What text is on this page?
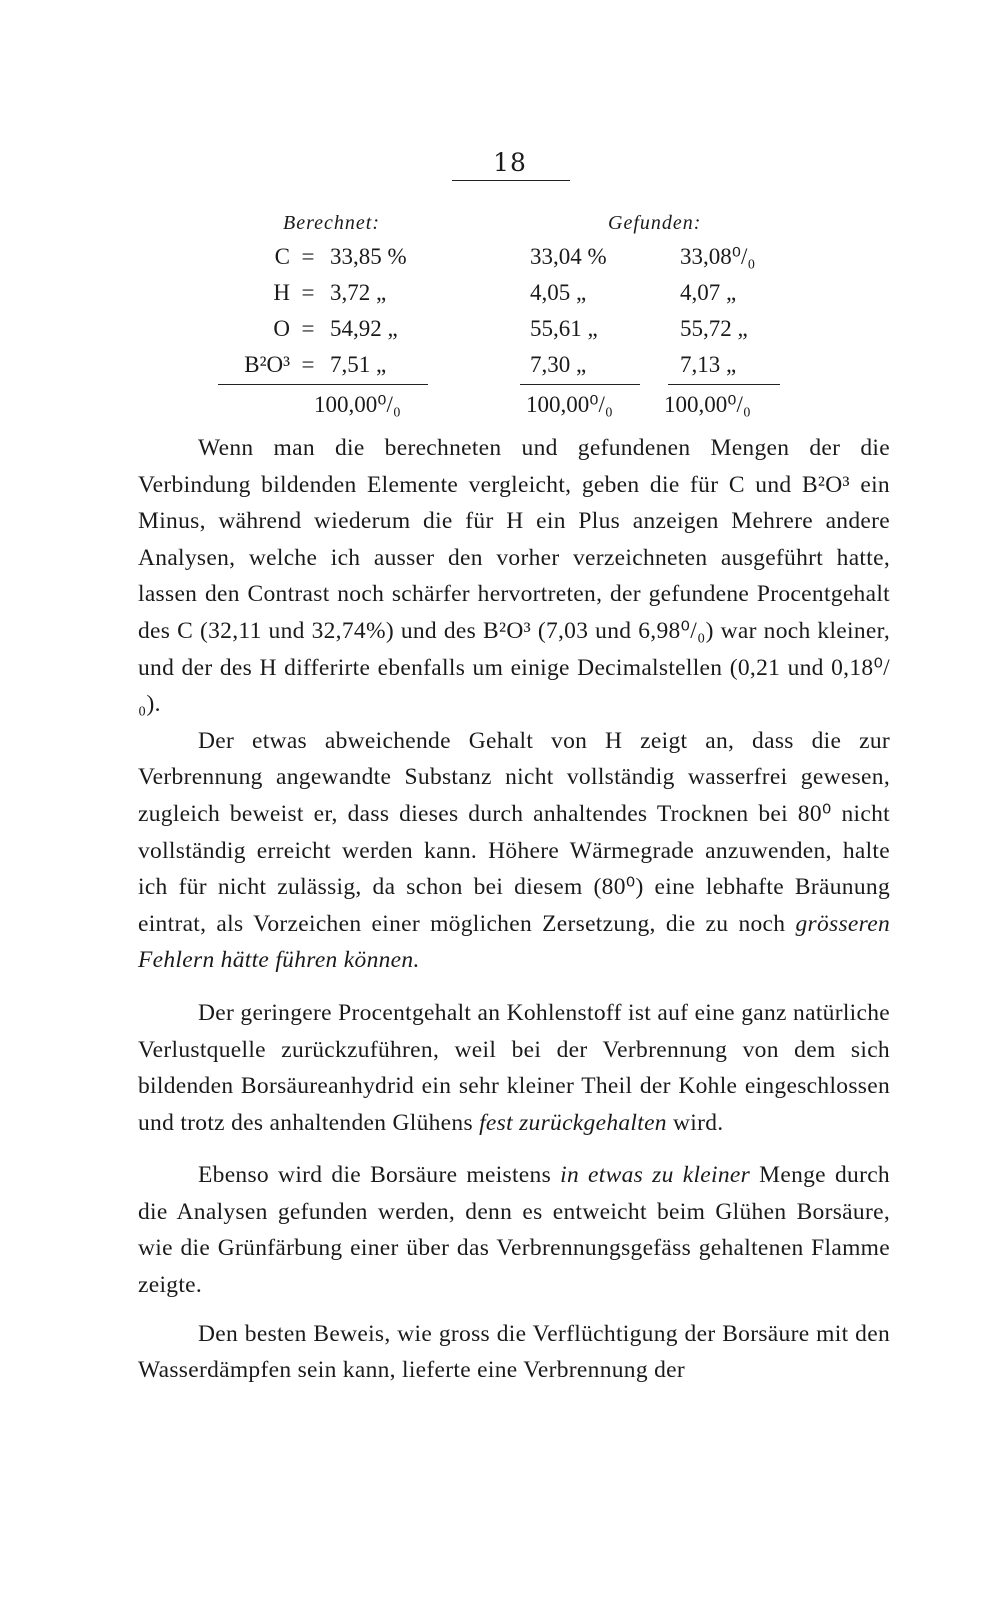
18
Berechnet:	Gefunden:
C = 33,85 %	33,04 %	33,08⁰/₀
H = 3,72 „	4,05 „	4,07 „
O = 54,92 „	55,61 „	55,72 „
B²O³ = 7,51 „	7,30 „	7,13 „
100,00⁰/₀	100,00⁰/₀	100,00⁰/₀

Wenn man die berechneten und gefundenen Mengen der die Verbindung bildenden Elemente vergleicht, geben die für C und B²O³ ein Minus, während wiederum die für H ein Plus anzeigen Mehrere andere Analysen, welche ich ausser den vorher verzeichneten ausgeführt hatte, lassen den Contrast noch schärfer hervortreten, der gefundene Procentgehalt des C (32,11 und 32,74%) und des B²O³ (7,03 und 6,98⁰/₀) war noch kleiner, und der des H differirte ebenfalls um einige Decimalstellen (0,21 und 0,18⁰/₀).

Der etwas abweichende Gehalt von H zeigt an, dass die zur Verbrennung angewandte Substanz nicht vollständig wasserfrei gewesen, zugleich beweist er, dass dieses durch anhaltendes Trocknen bei 80⁰ nicht vollständig erreicht werden kann. Höhere Wärmegrade anzuwenden, halte ich für nicht zulässig, da schon bei diesem (80⁰) eine lebhafte Bräunung eintrat, als Vorzeichen einer möglichen Zersetzung, die zu noch grösseren Fehlern hätte führen können.

Der geringere Procentgehalt an Kohlenstoff ist auf eine ganz natürliche Verlustquelle zurückzuführen, weil bei der Verbrennung von dem sich bildenden Borsäureanhydrid ein sehr kleiner Theil der Kohle eingeschlossen und trotz des anhaltenden Glühens fest zurückgehalten wird.

Ebenso wird die Borsäure meistens in etwas zu kleiner Menge durch die Analysen gefunden werden, denn es entweicht beim Glühen Borsäure, wie die Grünfärbung einer über das Verbrennungsgefäss gehaltenen Flamme zeigte.

Den besten Beweis, wie gross die Verflüchtigung der Borsäure mit den Wasserdämpfen sein kann, lieferte eine Verbrennung der
